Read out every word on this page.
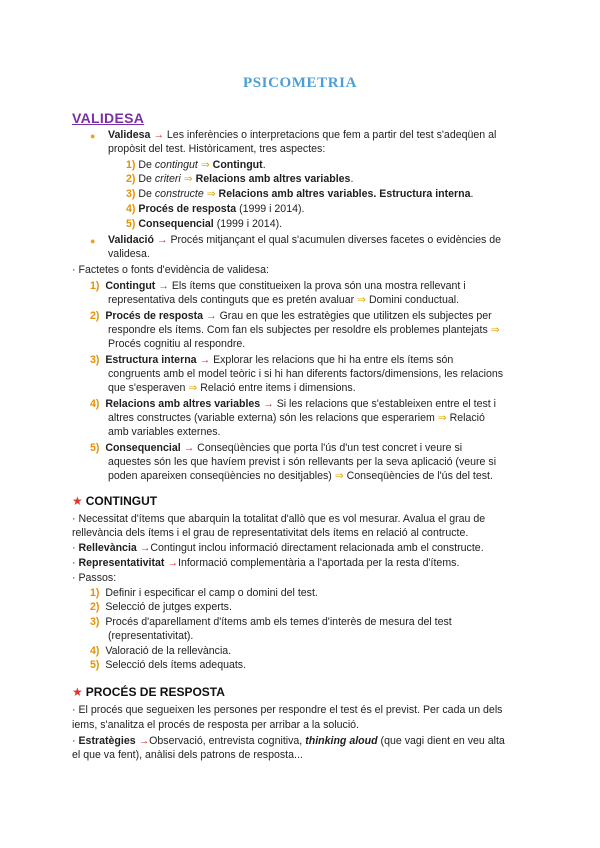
PSICOMETRIA
VALIDESA
● Validesa → Les inferències o interpretacions que fem a partir del test s'adeqüen al
propòsit del test. Històricament, tres aspectes:
1) De contingut ⇒ Contingut.
2) De criteri ⇒ Relacions amb altres variables.
3) De constructe ⇒ Relacions amb altres variables. Estructura interna.
4) Procés de resposta (1999 i 2014).
5) Consequencial (1999 i 2014).
● Validació → Procés mitjançant el qual s'acumulen diverses facetes o evidències de
validesa.
· Factetes o fonts d'evidència de validesa:
1) Contingut → Els ítems que constitueixen la prova són una mostra rellevant i
representativa dels continguts que es pretén avaluar ⇒ Domini conductual.
2) Procés de resposta → Grau en que les estratègies que utilitzen els subjectes per
respondre els ítems. Com fan els subjectes per resoldre els problemes plantejats ⇒
Procés cognitiu al respondre.
3) Estructura interna → Explorar les relacions que hi ha entre els ítems són
congruents amb el model teòric i si hi han diferents factors/dimensions, les relacions
que s'esperaven ⇒ Relació entre items i dimensions.
4) Relacions amb altres variables → Si les relacions que s'estableixen entre el test i
altres constructes (variable externa) són les relacions que esperariem ⇒ Relació
amb variables externes.
5) Consequencial → Conseqüències que porta l'ús d'un test concret i veure si
aquestes són les que havíem previst i són rellevants per la seva aplicació (veure si
poden apareixen conseqüències no desitjables) ⇒ Conseqüències de l'ús del test.
★ CONTINGUT
· Necessitat d'ítems que abarquin la totalitat d'allò que es vol mesurar. Avalua el grau de
rellevància dels ítems i el grau de representativitat dels ítems en relació al contructe.
· Rellevància →Contingut inclou informació directament relacionada amb el constructe.
· Representativitat →Informació complementària a l'aportada per la resta d'ítems.
· Passos:
1) Definir i especificar el camp o domini del test.
2) Selecció de jutges experts.
3) Procés d'aparellament d'ítems amb els temes d'interès de mesura del test
(representativitat).
4) Valoració de la rellevància.
5) Selecció dels ítems adequats.
★ PROCÉS DE RESPOSTA
· El procés que segueixen les persones per respondre el test és el previst. Per cada un dels
iems, s'analitza el procés de resposta per arribar a la solució.
· Estratègies →Observació, entrevista cognitiva, thinking aloud (que vagi dient en veu alta
el que va fent), anàlisi dels patrons de resposta...
